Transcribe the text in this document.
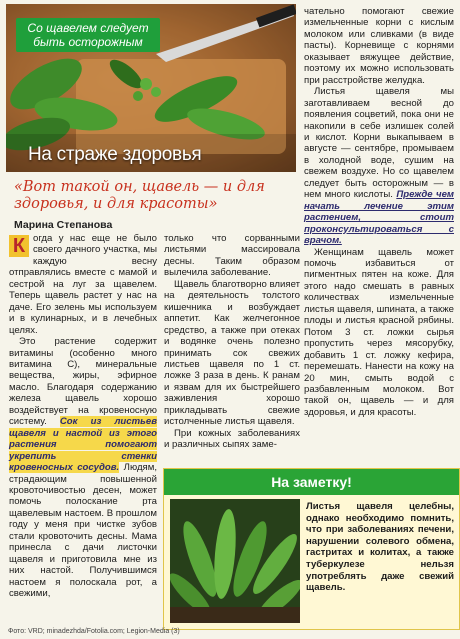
Со щавелем следует быть осторожным
На страже здоровья
«Вот такой он, щавель — и для здоровья, и для красоты»
Марина Степанова

К огда у нас еще не было своего дачного участка, мы каждую весну отправлялись вместе с мамой и сестрой на луг за щавелем. Теперь щавель растет у нас на даче. Его зелень мы используем и в кулинарных, и в лечебных целях.

Это растение содержит витамины (особенно много витамина С), минеральные вещества, жиры, эфирное масло. Благодаря содержанию железа щавель хорошо воздействует на кровеносную систему. Сок из листьев щавеля и настой из этого растения помогают укрепить стенки кровеносных сосудов. Людям, страдающим повышенной кровоточивостью десен, может помочь полоскание рта щавелевым настоем. В прошлом году у меня при чистке зубов стали кровоточить десны. Мама принесла с дачи листочки щавеля и приготовила мне из них настой. Получившимся настоем я полоскала рот, а свежими,

только что сорванными листьями массировала десны. Таким образом вылечила заболевание.

Щавель благотворно влияет на деятельность толстого кишечника и возбуждает аппетит. Как желчегонное средство, а также при отеках и водянке очень полезно принимать сок свежих листьев щавеля по 1 ст. ложке 3 раза в день. К ранам и язвам для их быстрейшего заживления хорошо прикладывать свежие истолченные листья щавеля.

При кожных заболеваниях и различных сыпях заме-

чательно помогают свежие измельченные корни с кислым молоком или сливками (в виде пасты). Корневище с корнями оказывает вяжущее действие, поэтому их можно использовать при расстройстве желудка.

Листья щавеля мы заготавливаем весной до появления соцветий, пока они не накопили в себе излишек солей и кислот. Корни выкапываем в августе — сентябре, промываем в холодной воде, сушим на свежем воздухе. Но со щавелем следует быть осторожным — в нем много кислоты. Прежде чем начать лечение этим растением, стоит проконсультироваться с врачом.

Женщинам щавель может помочь избавиться от пигментных пятен на коже. Для этого надо смешать в равных количествах измельченные листья щавеля, шпината, а также плоды и листья красной рябины. Потом 3 ст. ложки сырья пропустить через мясорубку, добавить 1 ст. ложку кефира, перемешать. Нанести на кожу на 20 мин, смыть водой с разбавленным молоком. Вот такой он, щавель — и для здоровья, и для красоты.

На заметку!
Листья щавеля целебны, однако необходимо помнить, что при заболеваниях печени, нарушении солевого обмена, гастритах и колитах, а также туберкулезе нельзя употреблять даже свежий щавель.
Фото: VRD; minadezhda/Fotolia.com; Legion-Media (3)
